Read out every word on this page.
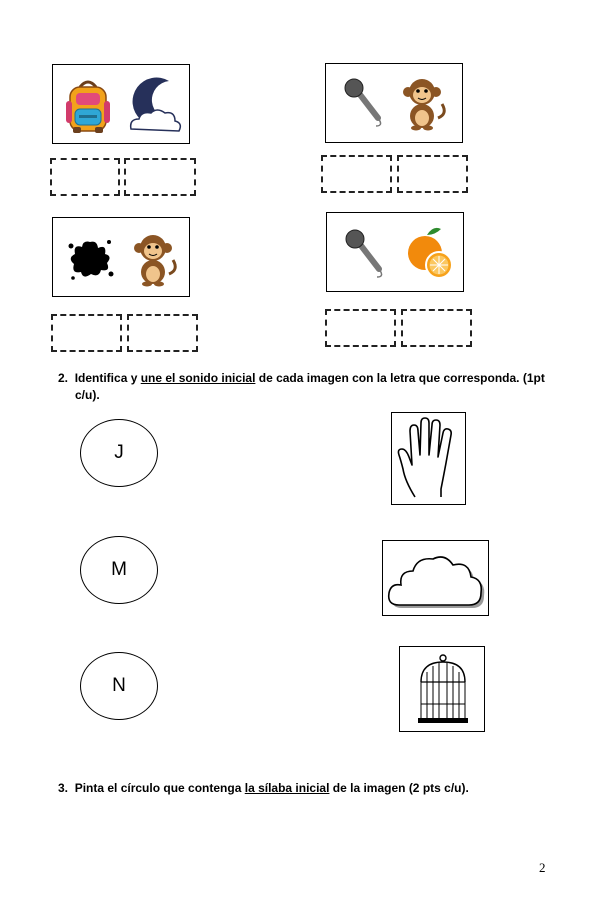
Z z
2. Identifica y une el sonido inicial de cada imagen con la letra que corresponda. (1pt
c/u).
J
M
N
3. Pinta el círculo que contenga la sílaba inicial de la imagen (2 pts c/u).
2
